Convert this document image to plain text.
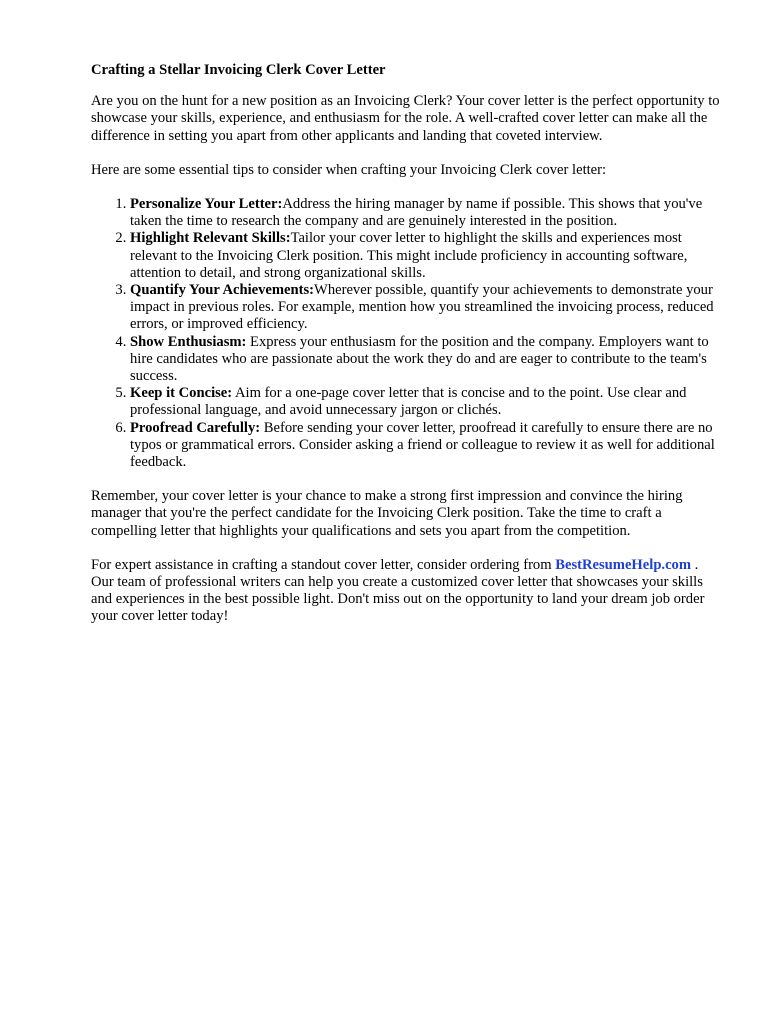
Crafting a Stellar Invoicing Clerk Cover Letter

Are you on the hunt for a new position as an Invoicing Clerk? Your cover letter is the perfect opportunity to showcase your skills, experience, and enthusiasm for the role. A well-crafted cover letter can make all the difference in setting you apart from other applicants and landing that coveted interview.

Here are some essential tips to consider when crafting your Invoicing Clerk cover letter:

1. Personalize Your Letter:Address the hiring manager by name if possible. This shows that you've taken the time to research the company and are genuinely interested in the position.
2. Highlight Relevant Skills:Tailor your cover letter to highlight the skills and experiences most relevant to the Invoicing Clerk position. This might include proficiency in accounting software, attention to detail, and strong organizational skills.
3. Quantify Your Achievements:Wherever possible, quantify your achievements to demonstrate your impact in previous roles. For example, mention how you streamlined the invoicing process, reduced errors, or improved efficiency.
4. Show Enthusiasm: Express your enthusiasm for the position and the company. Employers want to hire candidates who are passionate about the work they do and are eager to contribute to the team's success.
5. Keep it Concise: Aim for a one-page cover letter that is concise and to the point. Use clear and professional language, and avoid unnecessary jargon or clichés.
6. Proofread Carefully: Before sending your cover letter, proofread it carefully to ensure there are no typos or grammatical errors. Consider asking a friend or colleague to review it as well for additional feedback.

Remember, your cover letter is your chance to make a strong first impression and convince the hiring manager that you're the perfect candidate for the Invoicing Clerk position. Take the time to craft a compelling letter that highlights your qualifications and sets you apart from the competition.

For expert assistance in crafting a standout cover letter, consider ordering from BestResumeHelp.com . Our team of professional writers can help you create a customized cover letter that showcases your skills and experiences in the best possible light. Don't miss out on the opportunity to land your dream job order your cover letter today!
